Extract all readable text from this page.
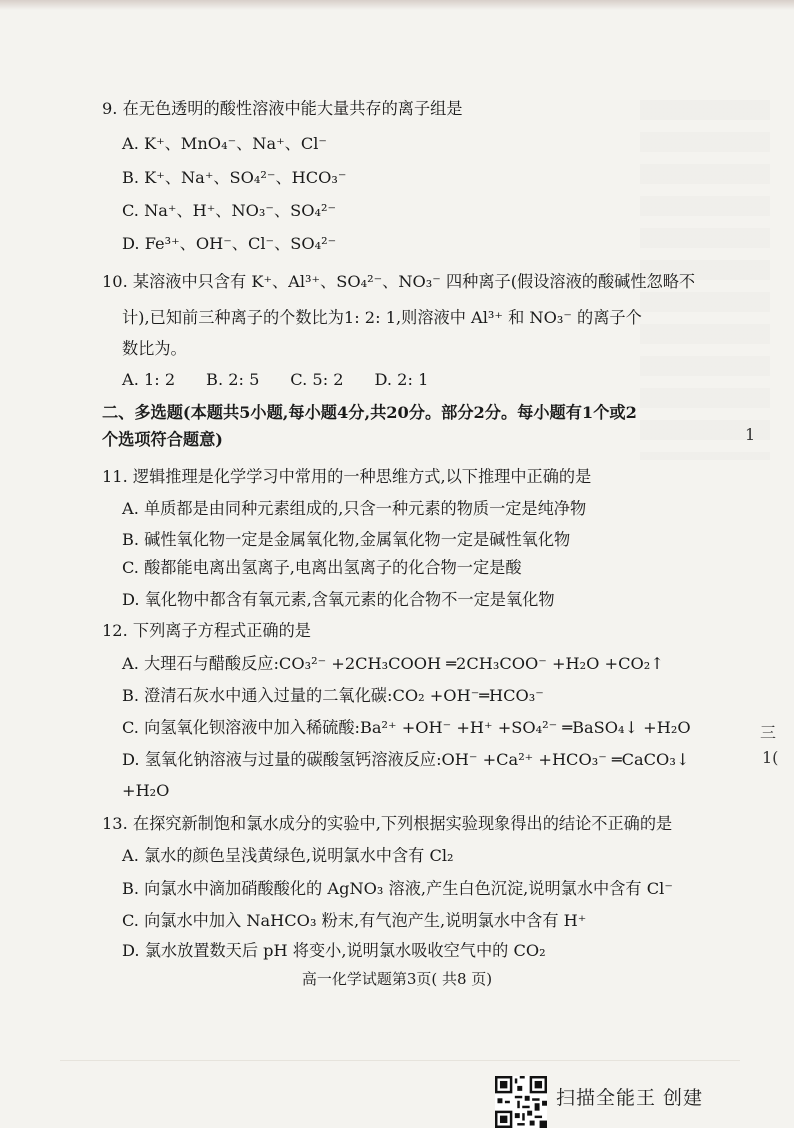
9. 在无色透明的酸性溶液中能大量共存的离子组是
A. K⁺、MnO₄⁻、Na⁺、Cl⁻
B. K⁺、Na⁺、SO₄²⁻、HCO₃⁻
C. Na⁺、H⁺、NO₃⁻、SO₄²⁻
D. Fe³⁺、OH⁻、Cl⁻、SO₄²⁻
10. 某溶液中只含有 K⁺、Al³⁺、SO₄²⁻、NO₃⁻ 四种离子(假设溶液的酸碱性忽略不
计),已知前三种离子的个数比为1: 2: 1,则溶液中 Al³⁺ 和 NO₃⁻ 的离子个
数比为。
A. 1: 2      B. 2: 5      C. 5: 2      D. 2: 1
二、多选题(本题共5小题,每小题4分,共20分。部分2分。每小题有1个或2
个选项符合题意)
11. 逻辑推理是化学学习中常用的一种思维方式,以下推理中正确的是
A. 单质都是由同种元素组成的,只含一种元素的物质一定是纯净物
B. 碱性氧化物一定是金属氧化物,金属氧化物一定是碱性氧化物
C. 酸都能电离出氢离子,电离出氢离子的化合物一定是酸
D. 氧化物中都含有氧元素,含氧元素的化合物不一定是氧化物
12. 下列离子方程式正确的是
A. 大理石与醋酸反应:CO₃²⁻ +2CH₃COOH ═2CH₃COO⁻ +H₂O +CO₂↑
B. 澄清石灰水中通入过量的二氧化碳:CO₂ +OH⁻═HCO₃⁻
C. 向氢氧化钡溶液中加入稀硫酸:Ba²⁺ +OH⁻ +H⁺ +SO₄²⁻ ═BaSO₄↓ +H₂O
D. 氢氧化钠溶液与过量的碳酸氢钙溶液反应:OH⁻ +Ca²⁺ +HCO₃⁻ ═CaCO₃↓
+H₂O
13. 在探究新制饱和氯水成分的实验中,下列根据实验现象得出的结论不正确的是
A. 氯水的颜色呈浅黄绿色,说明氯水中含有 Cl₂
B. 向氯水中滴加硝酸酸化的 AgNO₃ 溶液,产生白色沉淀,说明氯水中含有 Cl⁻
C. 向氯水中加入 NaHCO₃ 粉末,有气泡产生,说明氯水中含有 H⁺
D. 氯水放置数天后 pH 将变小,说明氯水吸收空气中的 CO₂
高一化学试题第3页( 共8 页)
1
三
1(
扫描全能王 创建
